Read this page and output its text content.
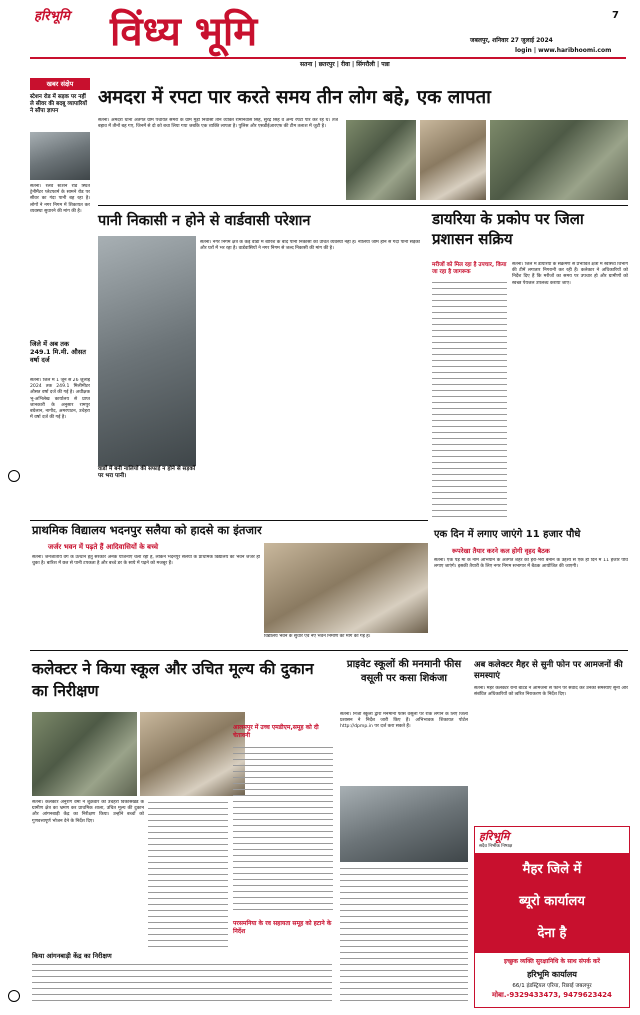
हरिभूमि विंध्य भूमि	7
जबलपुर, शनिवार 27 जुलाई 2024
login | www.haribhoomi.com
सतना | छतरपुर | रीवा | सिंगरौली | पन्ना
खबर संक्षेप
स्टेशन रोड में सड़क पर नहीं ले सीवर की बदबू व्यापारियों ने सौंपा ज्ञापन
सतना। रेलवे स्टेशन रोड स्थित ट्रेनीमैंटर प्लेटफार्म के सामने रोड पर सीवर का गंदा पानी बह रहा है। लोगों ने नगर निगम में शिकायत कर व्यवस्था सुधारने की मांग की है।
जिले में अब तक 249.1 मि.मी. औसत वर्षा दर्ज
सतना। जिले में 1 जून से 26 जुलाई 2024 तक 249.1 मिलीमीटर औसत वर्षा दर्ज की गई है। अधीक्षक भू-अभिलेख कार्यालय से प्राप्त जानकारी के अनुसार रामपुर बघेलान, नागौद, अमरपाटन, उचेहरा में वर्षा दर्ज की गई है।
अमदरा में रपटा पार करते समय तीन लोग बहे, एक लापता
सतना। अमदरा थाना अंतर्गत ग्राम पंचायत सेमरा के ग्राम मुड़ी निवासी तीन व्यक्ति रामनिवास सिंह, सुरेंद्र सिंह व अन्य रपटा पार कर रहे थे। तेज बहाव में तीनों बह गए, जिनमें से दो को बचा लिया गया जबकि एक व्यक्ति लापता है। पुलिस और एसडीईआरएफ की टीम तलाश में जुटी है।
पानी निकासी न होने से वार्डवासी परेशान
वार्डों में बनी नालियों की सफाई न होने से सड़कों पर भरा पानी।
सतना। नगर निगम क्षेत्र के कई वार्डों में बारिश के बाद पानी निकासी की उचित व्यवस्था नहीं है। नालियां जाम होने से गंदा पानी सड़कों और घरों में भर रहा है। वार्डवासियों ने नगर निगम से जल्द निकासी की मांग की है।
डायरिया के प्रकोप पर जिला प्रशासन सक्रिय
मरीजों को मिल रहा है उपचार, किया जा रहा है जागरूक
सतना। जिले में डायरिया के संक्रमण से प्रभावित क्षेत्रों में स्वास्थ्य विभाग की टीमें लगातार निगरानी कर रही हैं। कलेक्टर ने अधिकारियों को निर्देश दिए हैं कि मरीजों का समय पर उपचार हो और ग्रामीणों को स्वच्छ पेयजल उपलब्ध कराया जाए।
प्राथमिक विद्यालय भदनपुर सलैया को हादसे का इंतजार
जर्जर भवन में पढ़ते हैं आदिवासियों के बच्चे
सतना। जनजातीय वर्ग के उत्थान हेतु सरकार अनेक योजनाएं चला रही है, लेकिन भदनपुर सलैया के प्राथमिक विद्यालय का भवन जर्जर हो चुका है। बारिश में छत से पानी टपकता है और बच्चे डर के साये में पढ़ने को मजबूर हैं।
विद्यालय भवन के सुधार एवं नए भवन निर्माण की मांग की गई है।
एक दिन में लगाए जाएंगे 11 हजार पौधे
रूपरेखा तैयार करने कल होगी वृहद बैठक
सतना। एक पेड़ मां के नाम अभियान के अंतर्गत शहर को हरा-भरा बनाने के उद्देश्य से एक ही दिन में 11 हजार पौधे लगाए जाएंगे। इसकी तैयारी के लिए नगर निगम सभागार में बैठक आयोजित की जाएगी।
कलेक्टर ने किया स्कूल और उचित मूल्य की दुकान का निरीक्षण
आलमपुर में उच्च एमडीएम,समूह को दी चेतावनी
सतना। कलेक्टर अनुराग वर्मा ने शुक्रवार को उचेहरा विकासखंड के ग्रामीण क्षेत्र का भ्रमण कर प्राथमिक शाला, उचित मूल्य की दुकान और आंगनबाड़ी केंद्र का निरीक्षण किया। उन्होंने बच्चों को गुणवत्तापूर्ण भोजन देने के निर्देश दिए।
परसमनिया के रव सहायता समूह को हटाने के निर्देश
किया आंगनबाड़ी केंद्र का निरीक्षण
प्राइवेट स्कूलों की मनमानी फीस वसूली पर कसा शिकंजा
सतना। निजी स्कूलों द्वारा मनमानी फीस वसूली पर रोक लगाने के लिए जिला प्रशासन ने निर्देश जारी किए हैं। अभिभावक शिकायत पोर्टल http://dpmp.in पर दर्ज करा सकते हैं।
अब कलेक्टर मैहर से सुनी फोन पर आमजनों की समस्याएं
सतना। मैहर कलेक्टर रानी बाटड ने आमजनों से फोन पर संवाद कर उनकी समस्याएं सुनीं और संबंधित अधिकारियों को त्वरित निराकरण के निर्देश दिए।
हरिभूमि
सदैव निर्भीक निष्पक्ष
मैहर जिले में
ब्यूरो कार्यालय
देना है
इच्छुक व्यक्ति सुरक्षानिधि के साथ संपर्क करें
हरिभूमि कार्यालय
66/1 इंडस्ट्रियल एरिया, रिछाई जबलपुर
मोबा.-9329433473, 9479623424
